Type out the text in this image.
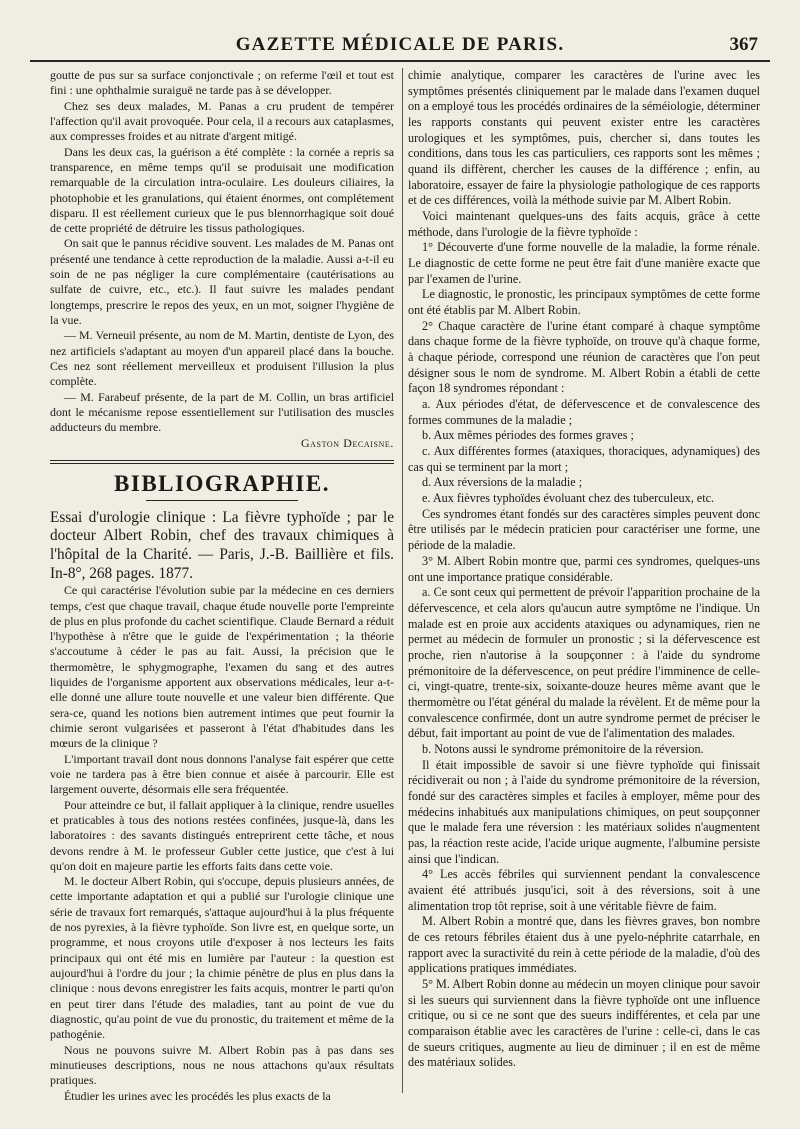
GAZETTE MÉDICALE DE PARIS.	367

goutte de pus sur sa surface conjonctivale ; on referme l'œil et tout est fini : une ophthalmie suraiguë ne tarde pas à se développer.

Chez ses deux malades, M. Panas a cru prudent de tempérer l'affection qu'il avait provoquée. Pour cela, il a recours aux cataplasmes, aux compresses froides et au nitrate d'argent mitigé.

Dans les deux cas, la guérison a été complète : la cornée a repris sa transparence, en même temps qu'il se produisait une modification remarquable de la circulation intra-oculaire. Les douleurs ciliaires, la photophobie et les granulations, qui étaient énormes, ont complétement disparu. Il est réellement curieux que le pus blennorrhagique soit doué de cette propriété de détruire les tissus pathologiques.

On sait que le pannus récidive souvent. Les malades de M. Panas ont présenté une tendance à cette reproduction de la maladie. Aussi a-t-il eu soin de ne pas négliger la cure complémentaire (cautérisations au sulfate de cuivre, etc., etc.). Il faut suivre les malades pendant longtemps, prescrire le repos des yeux, en un mot, soigner l'hygiène de la vue.

— M. Verneuil présente, au nom de M. Martin, dentiste de Lyon, des nez artificiels s'adaptant au moyen d'un appareil placé dans la bouche. Ces nez sont réellement merveilleux et produisent l'illusion la plus complète.

— M. Farabeuf présente, de la part de M. Collin, un bras artificiel dont le mécanisme repose essentiellement sur l'utilisation des muscles adducteurs du membre.

Gaston Decaisne.

BIBLIOGRAPHIE.

Essai d'urologie clinique : La fièvre typhoïde ; par le docteur Albert Robin, chef des travaux chimiques à l'hôpital de la Charité. — Paris, J.-B. Baillière et fils. In-8°, 268 pages. 1877.

Ce qui caractérise l'évolution subie par la médecine en ces derniers temps, c'est que chaque travail, chaque étude nouvelle porte l'empreinte de plus en plus profonde du cachet scientifique. Claude Bernard a réduit l'hypothèse à n'être que le guide de l'expérimentation ; la théorie s'accoutume à céder le pas au fait. Aussi, la précision que le thermomètre, le sphygmographe, l'examen du sang et des autres liquides de l'organisme apportent aux observations médicales, leur a-t-elle donné une allure toute nouvelle et une valeur bien différente. Que sera-ce, quand les notions bien autrement intimes que peut fournir la chimie seront vulgarisées et passeront à l'état d'habitudes dans les mœurs de la clinique ?

L'important travail dont nous donnons l'analyse fait espérer que cette voie ne tardera pas à être bien connue et aisée à parcourir. Elle est largement ouverte, désormais elle sera fréquentée.

Pour atteindre ce but, il fallait appliquer à la clinique, rendre usuelles et praticables à tous des notions restées confinées, jusque-là, dans les laboratoires : des savants distingués entreprirent cette tâche, et nous devons rendre à M. le professeur Gubler cette justice, que c'est à lui qu'on doit en majeure partie les efforts faits dans cette voie.

M. le docteur Albert Robin, qui s'occupe, depuis plusieurs années, de cette importante adaptation et qui a publié sur l'urologie clinique une série de travaux fort remarqués, s'attaque aujourd'hui à la plus fréquente de nos pyrexies, à la fièvre typhoïde. Son livre est, en quelque sorte, un programme, et nous croyons utile d'exposer à nos lecteurs les faits principaux qui ont été mis en lumière par l'auteur : la question est aujourd'hui à l'ordre du jour ; la chimie pénètre de plus en plus dans la clinique : nous devons enregistrer les faits acquis, montrer le parti qu'on en peut tirer dans l'étude des maladies, tant au point de vue du diagnostic, qu'au point de vue du pronostic, du traitement et même de la pathogénie.

Nous ne pouvons suivre M. Albert Robin pas à pas dans ses minutieuses descriptions, nous ne nous attachons qu'aux résultats pratiques.

Étudier les urines avec les procédés les plus exacts de la

chimie analytique, comparer les caractères de l'urine avec les symptômes présentés cliniquement par le malade dans l'examen duquel on a employé tous les procédés ordinaires de la séméiologie, déterminer les rapports constants qui peuvent exister entre les caractères urologiques et les symptômes, puis, chercher si, dans toutes les conditions, dans tous les cas particuliers, ces rapports sont les mêmes ; quand ils diffèrent, chercher les causes de la différence ; enfin, au laboratoire, essayer de faire la physiologie pathologique de ces rapports et de ces différences, voilà la méthode suivie par M. Albert Robin.

Voici maintenant quelques-uns des faits acquis, grâce à cette méthode, dans l'urologie de la fièvre typhoïde :

1° Découverte d'une forme nouvelle de la maladie, la forme rénale. Le diagnostic de cette forme ne peut être fait d'une manière exacte que par l'examen de l'urine.

Le diagnostic, le pronostic, les principaux symptômes de cette forme ont été établis par M. Albert Robin.

2° Chaque caractère de l'urine étant comparé à chaque symptôme dans chaque forme de la fièvre typhoïde, on trouve qu'à chaque forme, à chaque période, correspond une réunion de caractères que l'on peut désigner sous le nom de syndrome. M. Albert Robin a établi de cette façon 18 syndromes répondant :

a. Aux périodes d'état, de défervescence et de convalescence des formes communes de la maladie ;

b. Aux mêmes périodes des formes graves ;

c. Aux différentes formes (ataxiques, thoraciques, adynamiques) des cas qui se terminent par la mort ;

d. Aux réversions de la maladie ;

e. Aux fièvres typhoïdes évoluant chez des tuberculeux, etc.

Ces syndromes étant fondés sur des caractères simples peuvent donc être utilisés par le médecin praticien pour caractériser une forme, une période de la maladie.

3° M. Albert Robin montre que, parmi ces syndromes, quelques-uns ont une importance pratique considérable.

a. Ce sont ceux qui permettent de prévoir l'apparition prochaine de la défervescence, et cela alors qu'aucun autre symptôme ne l'indique. Un malade est en proie aux accidents ataxiques ou adynamiques, rien ne permet au médecin de formuler un pronostic ; si la défervescence est proche, rien n'autorise à la soupçonner : à l'aide du syndrome prémonitoire de la défervescence, on peut prédire l'imminence de celle-ci, vingt-quatre, trente-six, soixante-douze heures même avant que le thermomètre ou l'état général du malade la révèlent. Et de même pour la convalescence confirmée, dont un autre syndrome permet de préciser le début, fait important au point de vue de l'alimentation des malades.

b. Notons aussi le syndrome prémonitoire de la réversion.

Il était impossible de savoir si une fièvre typhoïde qui finissait récidiverait ou non ; à l'aide du syndrome prémonitoire de la réversion, fondé sur des caractères simples et faciles à employer, même pour des médecins inhabitués aux manipulations chimiques, on peut soupçonner que le malade fera une réversion : les matériaux solides n'augmentent pas, la réaction reste acide, l'acide urique augmente, l'albumine persiste ainsi que l'indican.

4° Les accès fébriles qui surviennent pendant la convalescence avaient été attribués jusqu'ici, soit à des réversions, soit à une alimentation trop tôt reprise, soit à une véritable fièvre de faim.

M. Albert Robin a montré que, dans les fièvres graves, bon nombre de ces retours fébriles étaient dus à une pyelo-néphrite catarrhale, en rapport avec la suractivité du rein à cette période de la maladie, d'où des applications pratiques immédiates.

5° M. Albert Robin donne au médecin un moyen clinique pour savoir si les sueurs qui surviennent dans la fièvre typhoïde ont une influence critique, ou si ce ne sont que des sueurs indifférentes, et cela par une comparaison établie avec les caractères de l'urine : celle-ci, dans le cas de sueurs critiques, augmente au lieu de diminuer ; il en est de même des matériaux solides.
